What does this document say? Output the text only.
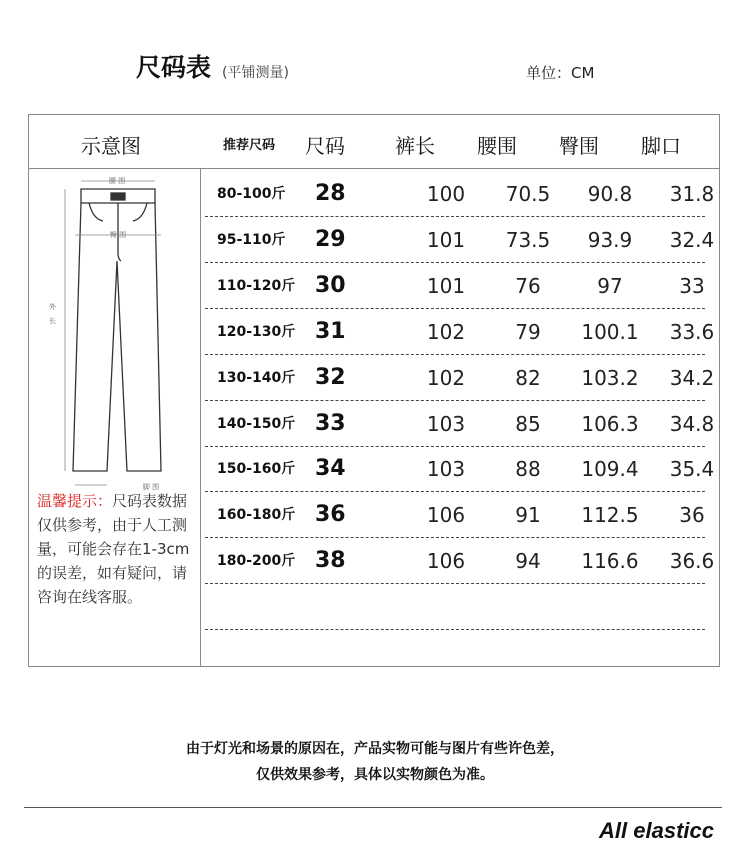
尺码表 (平铺测量)	单位：CM
示意图	推荐尺码 尺码	裤长 腰围 臀围 脚口
腰 围
臀 围
外
长
脚 围
温馨提示：尺码表数据仅供参考，由于人工测量，可能会存在1-3cm的误差，如有疑问，请咨询在线客服。
80-100斤 28	100	70.5	90.8	31.8
95-110斤 29	101	73.5	93.9	32.4
110-120斤 30	101	76	97	33
120-130斤 31	102	79	100.1	33.6
130-140斤 32	102	82	103.2	34.2
140-150斤 33	103	85	106.3	34.8
150-160斤 34	103	88	109.4	35.4
160-180斤 36	106	91	112.5	36
180-200斤 38	106	94	116.6	36.6
由于灯光和场景的原因在，产品实物可能与图片有些许色差，
仅供效果参考，具体以实物颜色为准。
All elasticc
